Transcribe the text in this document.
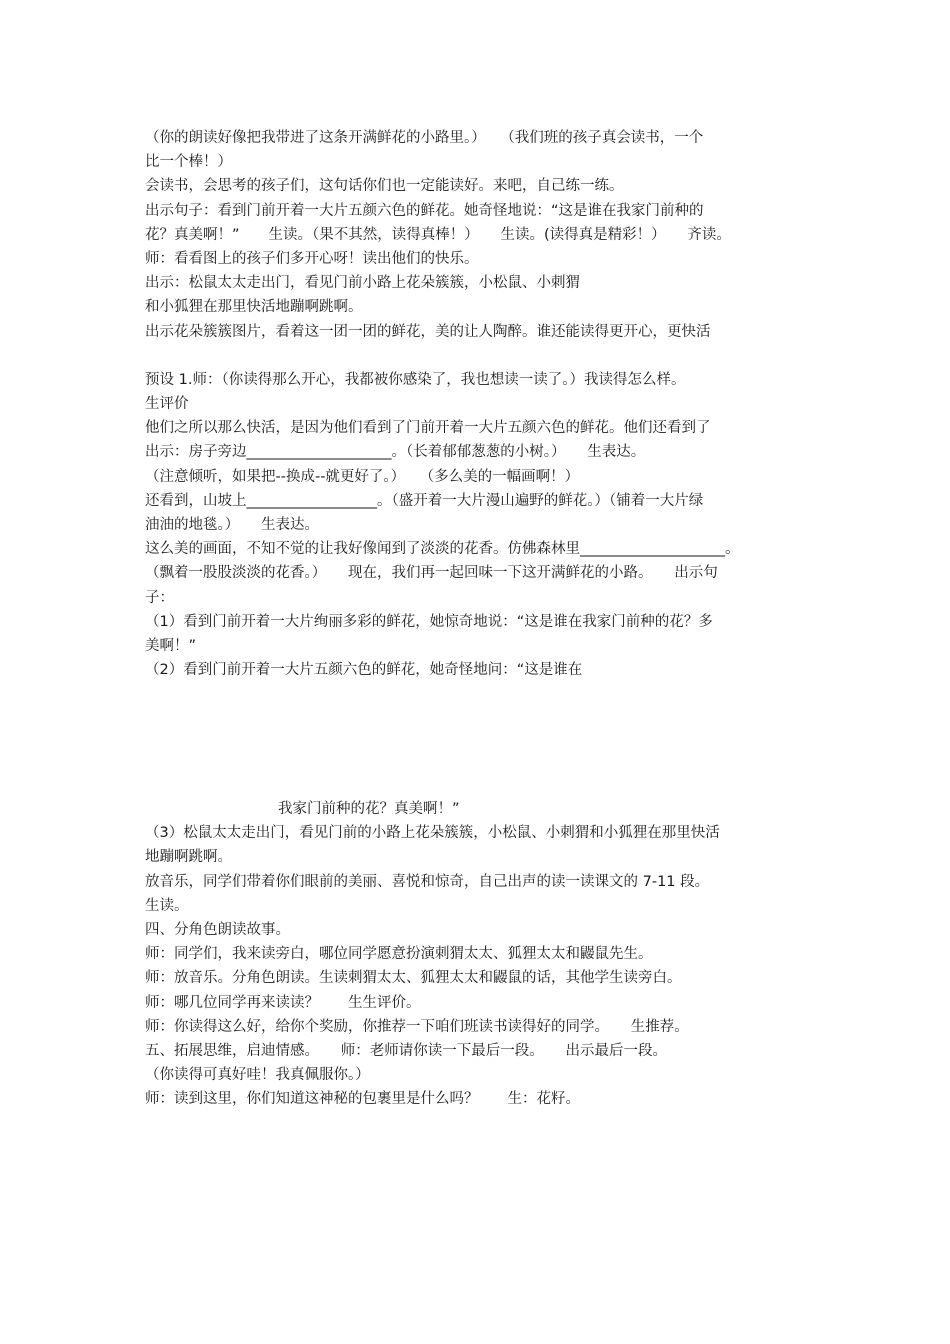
（你的朗读好像把我带进了这条开满鲜花的小路里。）　　（我们班的孩子真会读书，一个
比一个棒！）
会读书，会思考的孩子们，这句话你们也一定能读好。来吧，自己练一练。
出示句子：看到门前开着一大片五颜六色的鲜花。她奇怪地说：“这是谁在我家门前种的
花？真美啊！”　　生读。（果不其然，读得真棒！）　　生读。(读得真是精彩！）　　齐读。
师：看看图上的孩子们多开心呀！读出他们的快乐。
出示：松鼠太太走出门，看见门前小路上花朵簇簇，小松鼠、小刺猬
和小狐狸在那里快活地蹦啊跳啊。
出示花朵簇簇图片，看着这一团一团的鲜花，美的让人陶醉。谁还能读得更开心，更快活
预设 1.师：（你读得那么开心，我都被你感染了，我也想读一读了。）我读得怎么样。
生评价
他们之所以那么快活，是因为他们看到了门前开着一大片五颜六色的鲜花。他们还看到了
出示：房子旁边____________________。（长着郁郁葱葱的小树。）　　生表达。
（注意倾听，如果把--换成--就更好了。）　　（多么美的一幅画啊！）
还看到，山坡上__________________。（盛开着一大片漫山遍野的鲜花。）（铺着一大片绿
油油的地毯。）　　生表达。
这么美的画面，不知不觉的让我好像闻到了淡淡的花香。仿佛森林里____________________。
（飘着一股股淡淡的花香。）　　现在，我们再一起回味一下这开满鲜花的小路。　　出示句
子：
（1）看到门前开着一大片绚丽多彩的鲜花，她惊奇地说：“这是谁在我家门前种的花？多
美啊！”
（2）看到门前开着一大片五颜六色的鲜花，她奇怪地问：“这是谁在
我家门前种的花？真美啊！”
（3）松鼠太太走出门，看见门前的小路上花朵簇簇，小松鼠、小刺猬和小狐狸在那里快活
地蹦啊跳啊。
放音乐，同学们带着你们眼前的美丽、喜悦和惊奇，自己出声的读一读课文的 7-11 段。
生读。
四、分角色朗读故事。
师：同学们，我来读旁白，哪位同学愿意扮演刺猬太太、狐狸太太和鼹鼠先生。
师：放音乐。分角色朗读。生读刺猬太太、狐狸太太和鼹鼠的话，其他学生读旁白。
师：哪几位同学再来读读？　　生生评价。
师：你读得这么好，给你个奖励，你推荐一下咱们班读书读得好的同学。　　生推荐。
五、拓展思维，启迪情感。　　师：老师请你读一下最后一段。　　出示最后一段。
（你读得可真好哇！我真佩服你。）
师：读到这里，你们知道这神秘的包裹里是什么吗？　　生：花籽。
